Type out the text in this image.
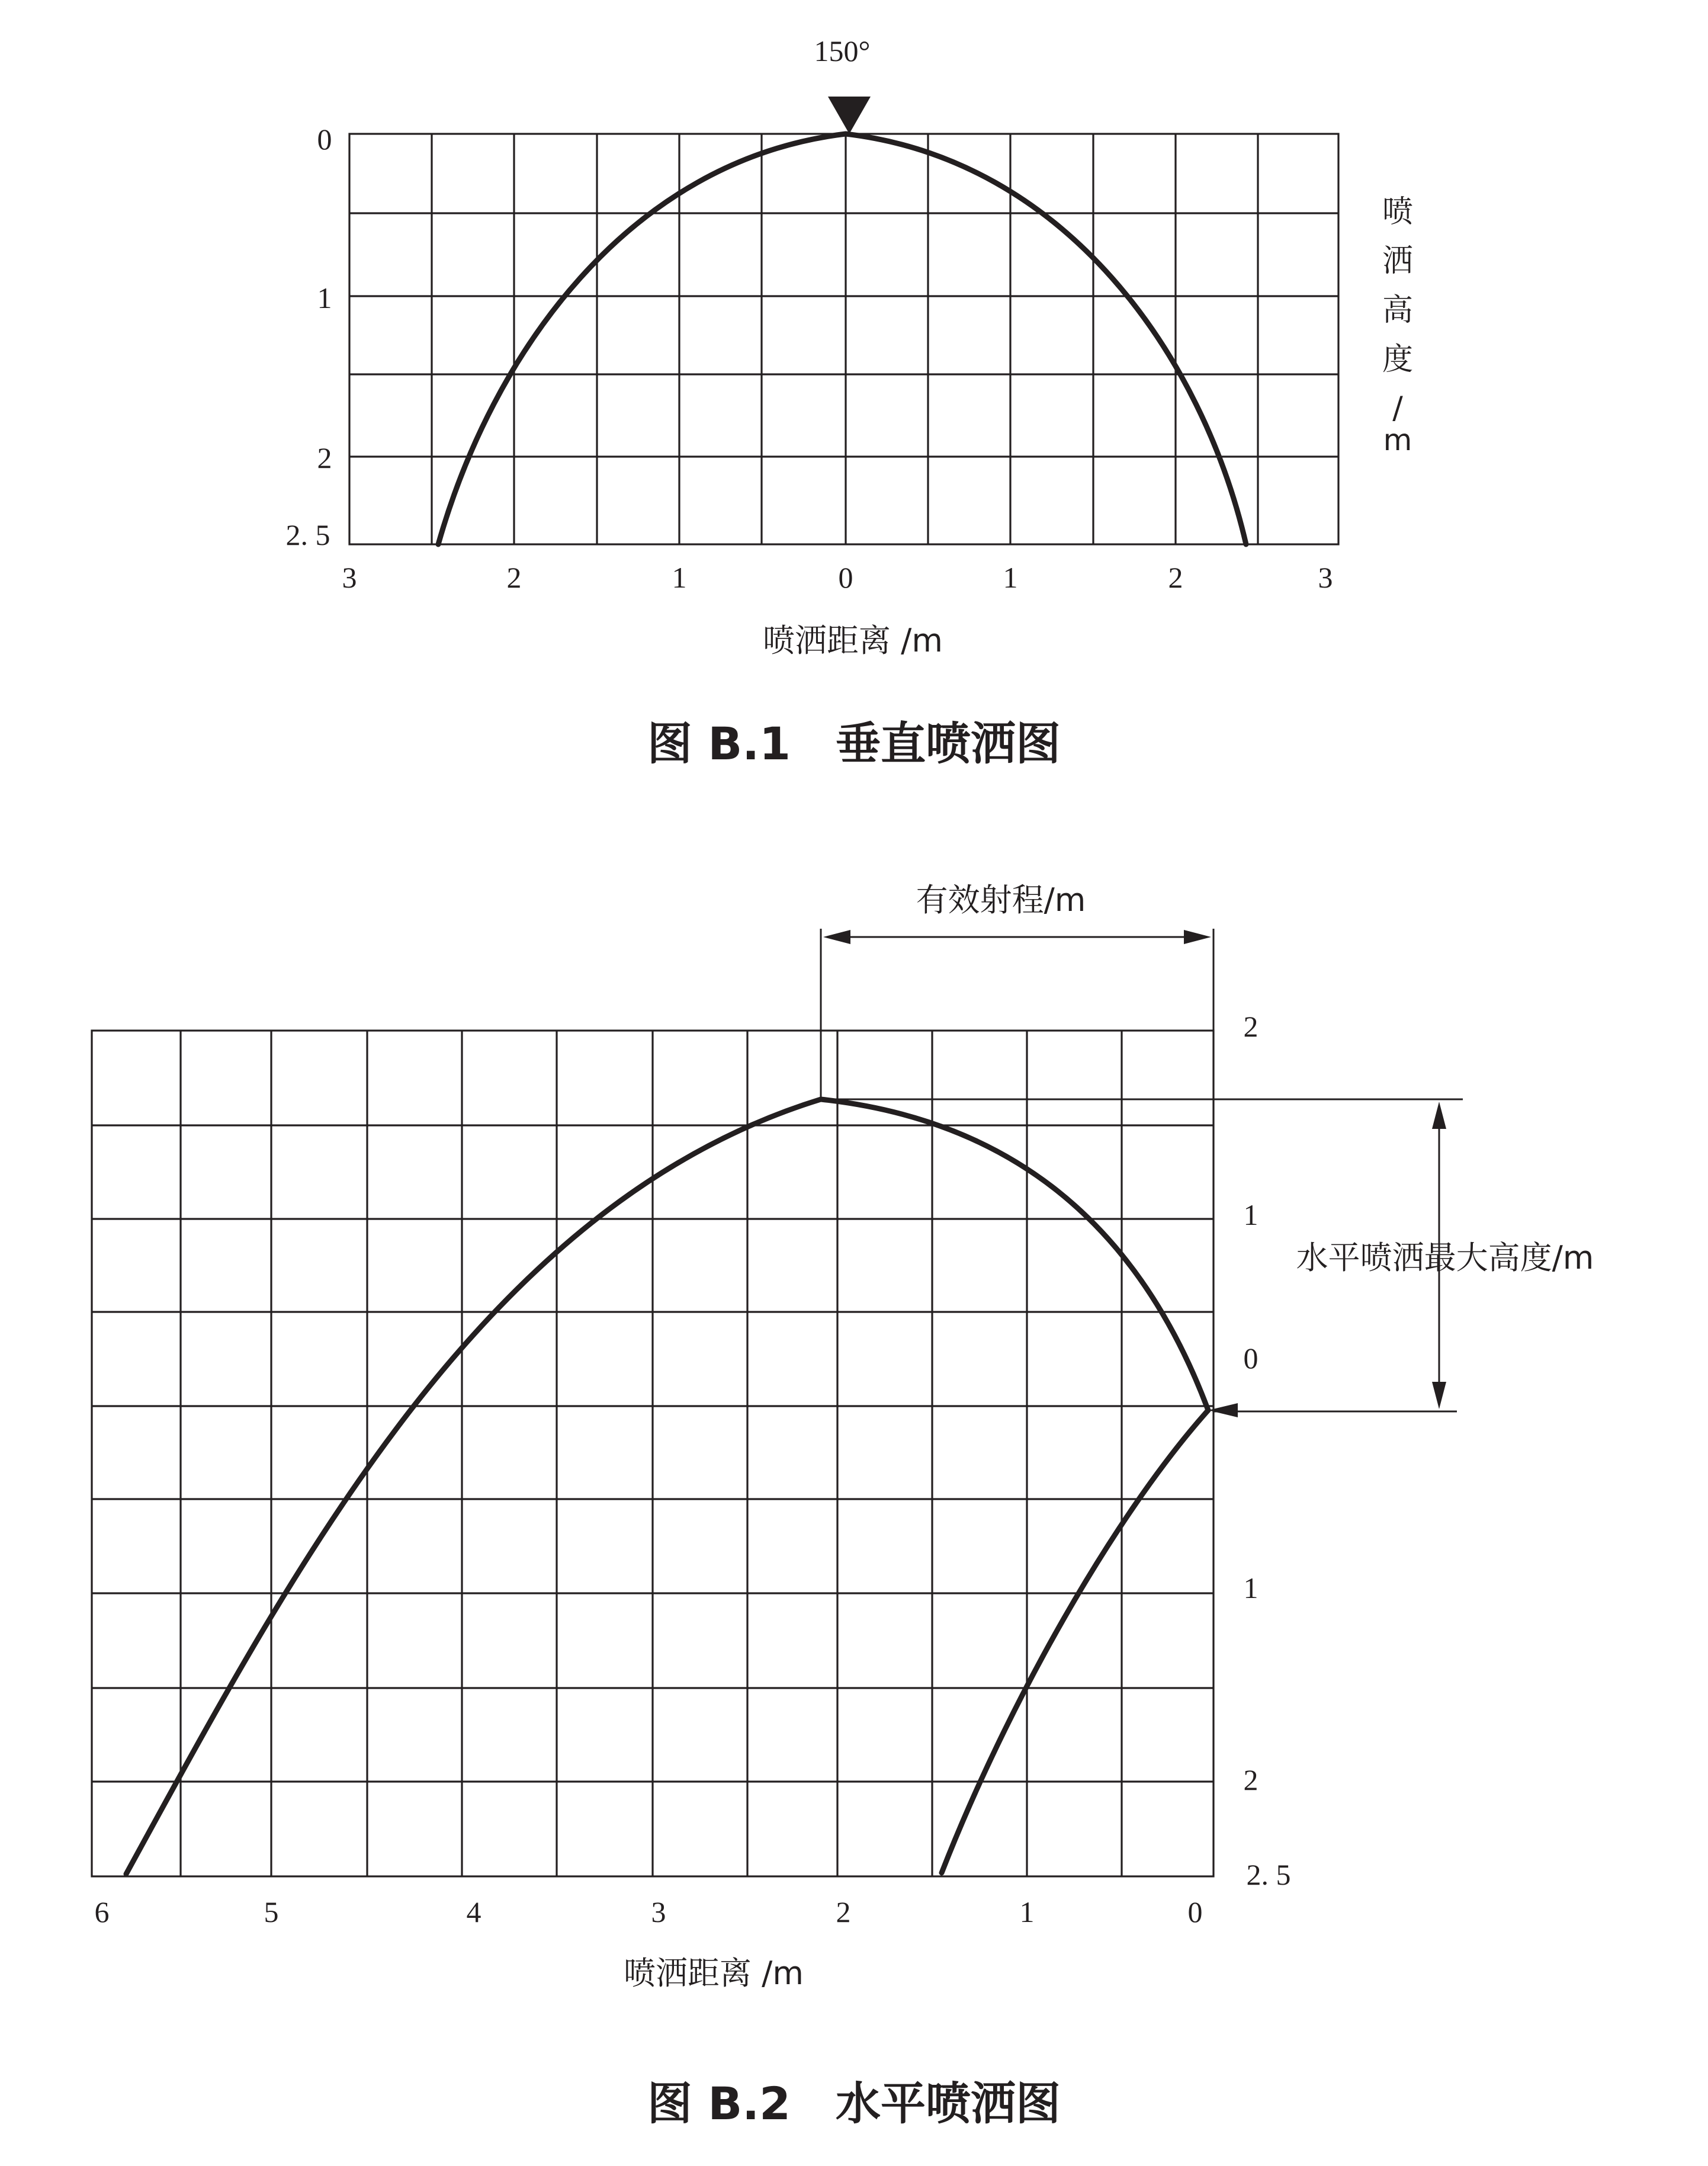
150°
0
1
2
2. 5
3	2	1	0	1	2	3
喷
洒
高
度
/
m
喷洒距离 /m
图 B.1　垂直喷洒图
有效射程/m
水平喷洒最大高度/m
2
1
0
1
2
2. 5
6	5	4	3	2	1	0
喷洒距离 /m
图 B.2　水平喷洒图
